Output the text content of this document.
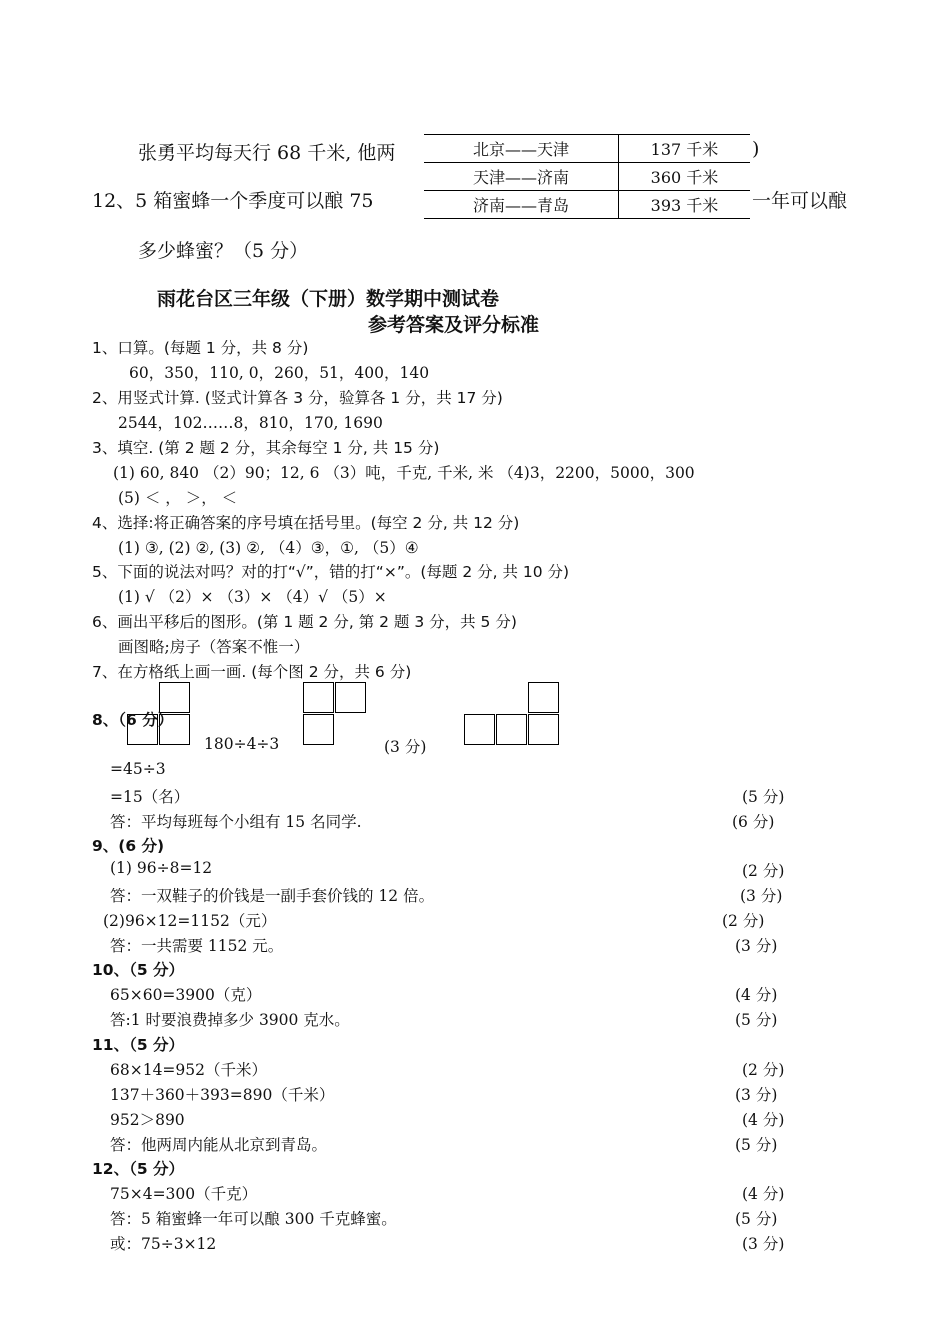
张勇平均每天行 68 千米, 他两	)
12、5 箱蜜蜂一个季度可以酿 75	一年可以酿
多少蜂蜜？（5 分）
北京——天津	137 千米
天津——济南	360 千米
济南——青岛	393 千米
雨花台区三年级（下册）数学期中测试卷
参考答案及评分标准
1、口算。(每题 1 分，共 8 分)
60，350，110, 0，260，51，400，140
2、用竖式计算. (竖式计算各 3 分，验算各 1 分，共 17 分)
2544，102……8，810，170, 1690
3、填空. (第 2 题 2 分，其余每空 1 分, 共 15 分)
(1) 60, 840 （2）90；12, 6 （3）吨，千克, 千米, 米 （4)3，2200，5000，300
(5) ＜ ， ＞， ＜
4、选择:将正确答案的序号填在括号里。(每空 2 分, 共 12 分)
(1) ③, (2) ②, (3) ②, （4）③，①, （5）④
5、下面的说法对吗？对的打“√”，错的打“×”。(每题 2 分, 共 10 分)
(1) √ （2）× （3）× （4）√ （5）×
6、画出平移后的图形。(第 1 题 2 分, 第 2 题 3 分，共 5 分)
画图略;房子（答案不惟一）
7、在方格纸上画一画. (每个图 2 分，共 6 分)
8、（6 分）
180÷4÷3	(3 分)
=45÷3
=15（名）	(5 分)
答：平均每班每个小组有 15 名同学.	(6 分)
9、(6 分)
(1) 96÷8=12	(2 分)
答：一双鞋子的价钱是一副手套价钱的 12 倍。	(3 分)
(2)96×12=1152（元）	(2 分)
答：一共需要 1152 元。	(3 分)
10、（5 分）
65×60=3900（克）	(4 分)
答:1 时要浪费掉多少 3900 克水。	(5 分)
11、（5 分）
68×14=952（千米）	(2 分)
137＋360＋393=890（千米）	(3 分)
952＞890	(4 分)
答：他两周内能从北京到青岛。	(5 分)
12、（5 分）
75×4=300（千克）	(4 分)
答：5 箱蜜蜂一年可以酿 300 千克蜂蜜。	(5 分)
或：75÷3×12	(3 分)
